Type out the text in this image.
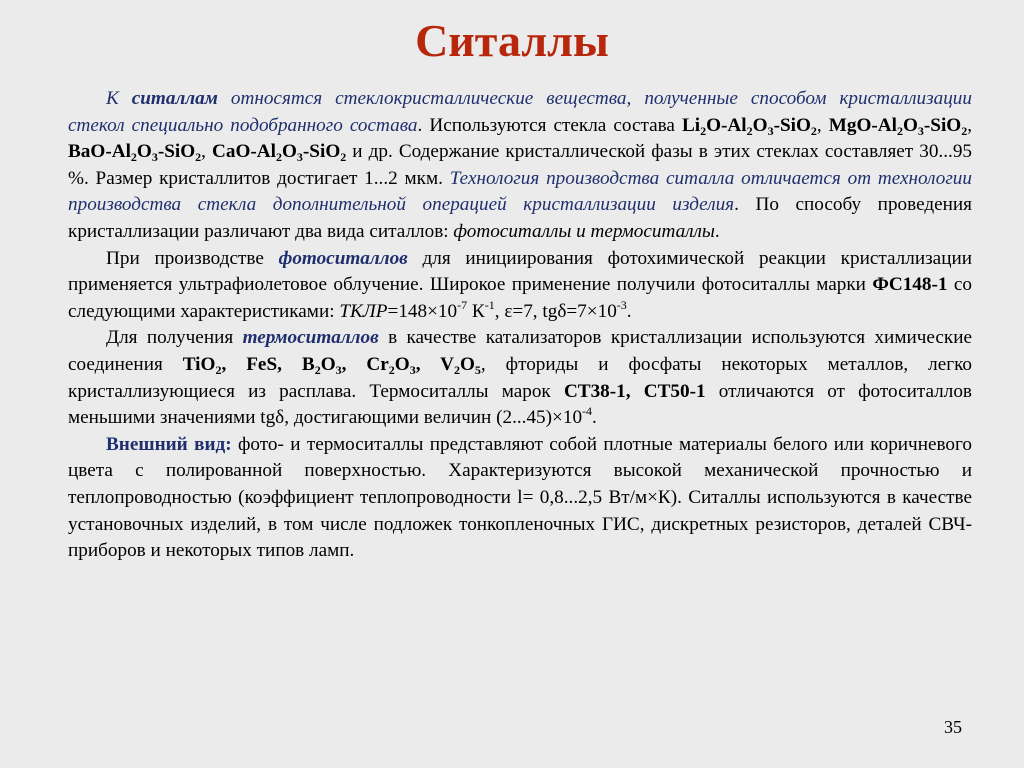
Ситаллы

К ситаллам относятся стеклокристаллические вещества, полученные способом кристаллизации стекол специально подобранного состава. Используются стекла состава $Li_2O-Al_2O_3-SiO_2$, MgO-$Al_2O_3-SiO_2$, BaO-$Al_2O_3-SiO_2$, CaO-$Al_2O_3-SiO_2$ и др. Содержание кристаллической фазы в этих стеклах составляет 30...95 %. Размер кристаллитов достигает 1...2 мкм. Технология производства ситалла отличается от технологии производства стекла дополнительной операцией кристаллизации изделия. По способу проведения кристаллизации различают два вида ситаллов: фотоситаллы и термоситаллы.

При производстве фотоситаллов для инициирования фотохимической реакции кристаллизации применяется ультрафиолетовое облучение. Широкое применение получили фотоситаллы марки ФС148-1 со следующими характеристиками: $ТКЛР=148\times 10^{-7}$ $К^{-1}$, ε=7, $tg\delta=7\times 10^{-3}$.

Для получения термоситаллов в качестве катализаторов кристаллизации используются химические соединения TiO$_2$, FeS, $B_2O_3$, $Cr_2O_3$, $V_2O_5$, фториды и фосфаты некоторых металлов, легко кристаллизующиеся из расплава. Термоситаллы марок СТ38-1, СТ50-1 отличаются от фотоситаллов меньшими значениями tgδ, достигающими величин $(2...45)\times 10^{-4}$.

Внешний вид: фото- и термоситаллы представляют собой плотные материалы белого или коричневого цвета с полированной поверхностью. Характеризуются высокой механической прочностью и теплопроводностью (коэффициент теплопроводности l= 0,8...2,5 Вт/м×К). Ситаллы используются в качестве установочных изделий, в том числе подложек тонкопленочных ГИС, дискретных резисторов, деталей СВЧ-приборов и некоторых типов ламп.

35
